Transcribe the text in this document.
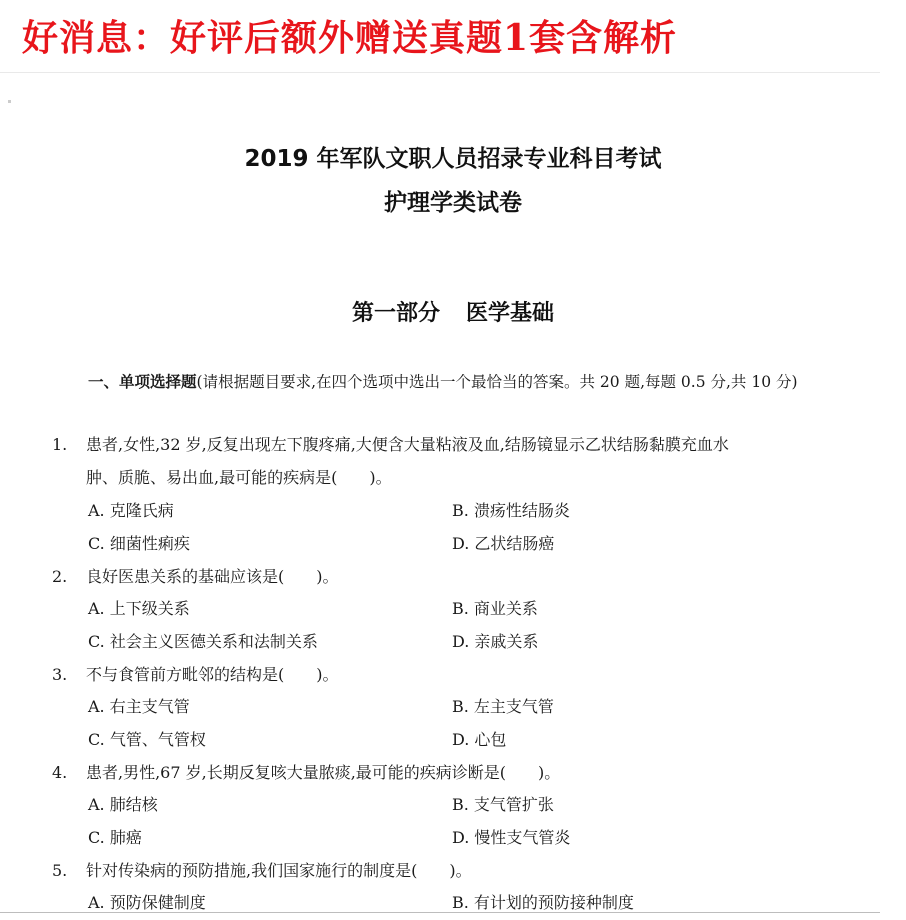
好消息：好评后额外赠送真题1套含解析
2019 年军队文职人员招录专业科目考试
护理学类试卷
第一部分 医学基础
一、单项选择题(请根据题目要求,在四个选项中选出一个最恰当的答案。共 20 题,每题 0.5 分,共 10 分)
1. 患者,女性,32 岁,反复出现左下腹疼痛,大便含大量粘液及血,结肠镜显示乙状结肠黏膜充血水
肿、质脆、易出血,最可能的疾病是(　　)。
A. 克隆氏病	B. 溃疡性结肠炎
C. 细菌性痢疾	D. 乙状结肠癌
2. 良好医患关系的基础应该是(　　)。
A. 上下级关系	B. 商业关系
C. 社会主义医德关系和法制关系	D. 亲戚关系
3. 不与食管前方毗邻的结构是(　　)。
A. 右主支气管	B. 左主支气管
C. 气管、气管杈	D. 心包
4. 患者,男性,67 岁,长期反复咳大量脓痰,最可能的疾病诊断是(　　)。
A. 肺结核	B. 支气管扩张
C. 肺癌	D. 慢性支气管炎
5. 针对传染病的预防措施,我们国家施行的制度是(　　)。
A. 预防保健制度	B. 有计划的预防接种制度
